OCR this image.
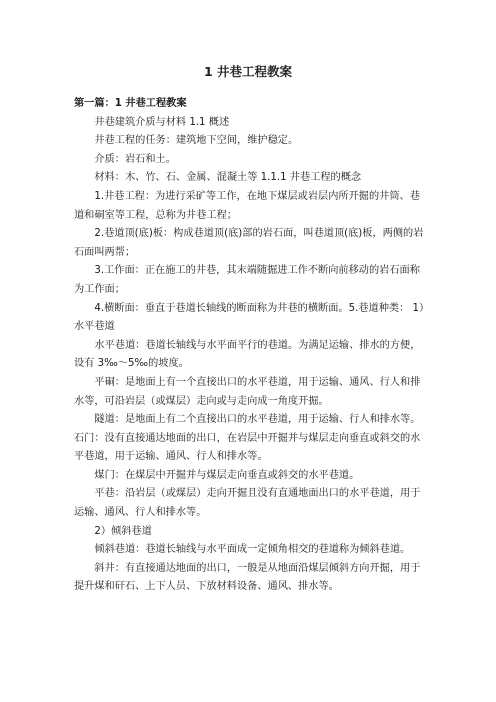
1 井巷工程教案

第一篇：1 井巷工程教案

井巷建筑介质与材料 1.1 概述

井巷工程的任务：建筑地下空间，维护稳定。

介质：岩石和土。

材料：木、竹、石、金属、混凝土等 1.1.1 井巷工程的概念

1.井巷工程：为进行采矿等工作，在地下煤层或岩层内所开掘的井筒、巷道和硐室等工程，总称为井巷工程；

2.巷道顶(底)板：构成巷道顶(底)部的岩石面，叫巷道顶(底)板，两侧的岩石面叫两帮；

3.工作面：正在施工的井巷，其末端随掘进工作不断向前移动的岩石面称为工作面；

4.横断面：垂直于巷道长轴线的断面称为井巷的横断面。5.巷道种类： 1）水平巷道

水平巷道：巷道长轴线与水平面平行的巷道。为满足运输、排水的方便，设有 3‰～5‰的坡度。

平硐：是地面上有一个直接出口的水平巷道，用于运输、通风、行人和排水等，可沿岩层（或煤层）走向或与走向成一角度开掘。

隧道：是地面上有二个直接出口的水平巷道，用于运输、行人和排水等。石门：没有直接通达地面的出口，在岩层中开掘并与煤层走向垂直或斜交的水平巷道，用于运输、通风、行人和排水等。

煤门：在煤层中开掘并与煤层走向垂直或斜交的水平巷道。

平巷：沿岩层（或煤层）走向开掘且没有直通地面出口的水平巷道，用于运输、通风、行人和排水等。

2）倾斜巷道

倾斜巷道：巷道长轴线与水平面成一定倾角相交的巷道称为倾斜巷道。

斜井：有直接通达地面的出口，一般是从地面沿煤层倾斜方向开掘，用于提升煤和矸石、上下人员、下放材料设备、通风、排水等。
